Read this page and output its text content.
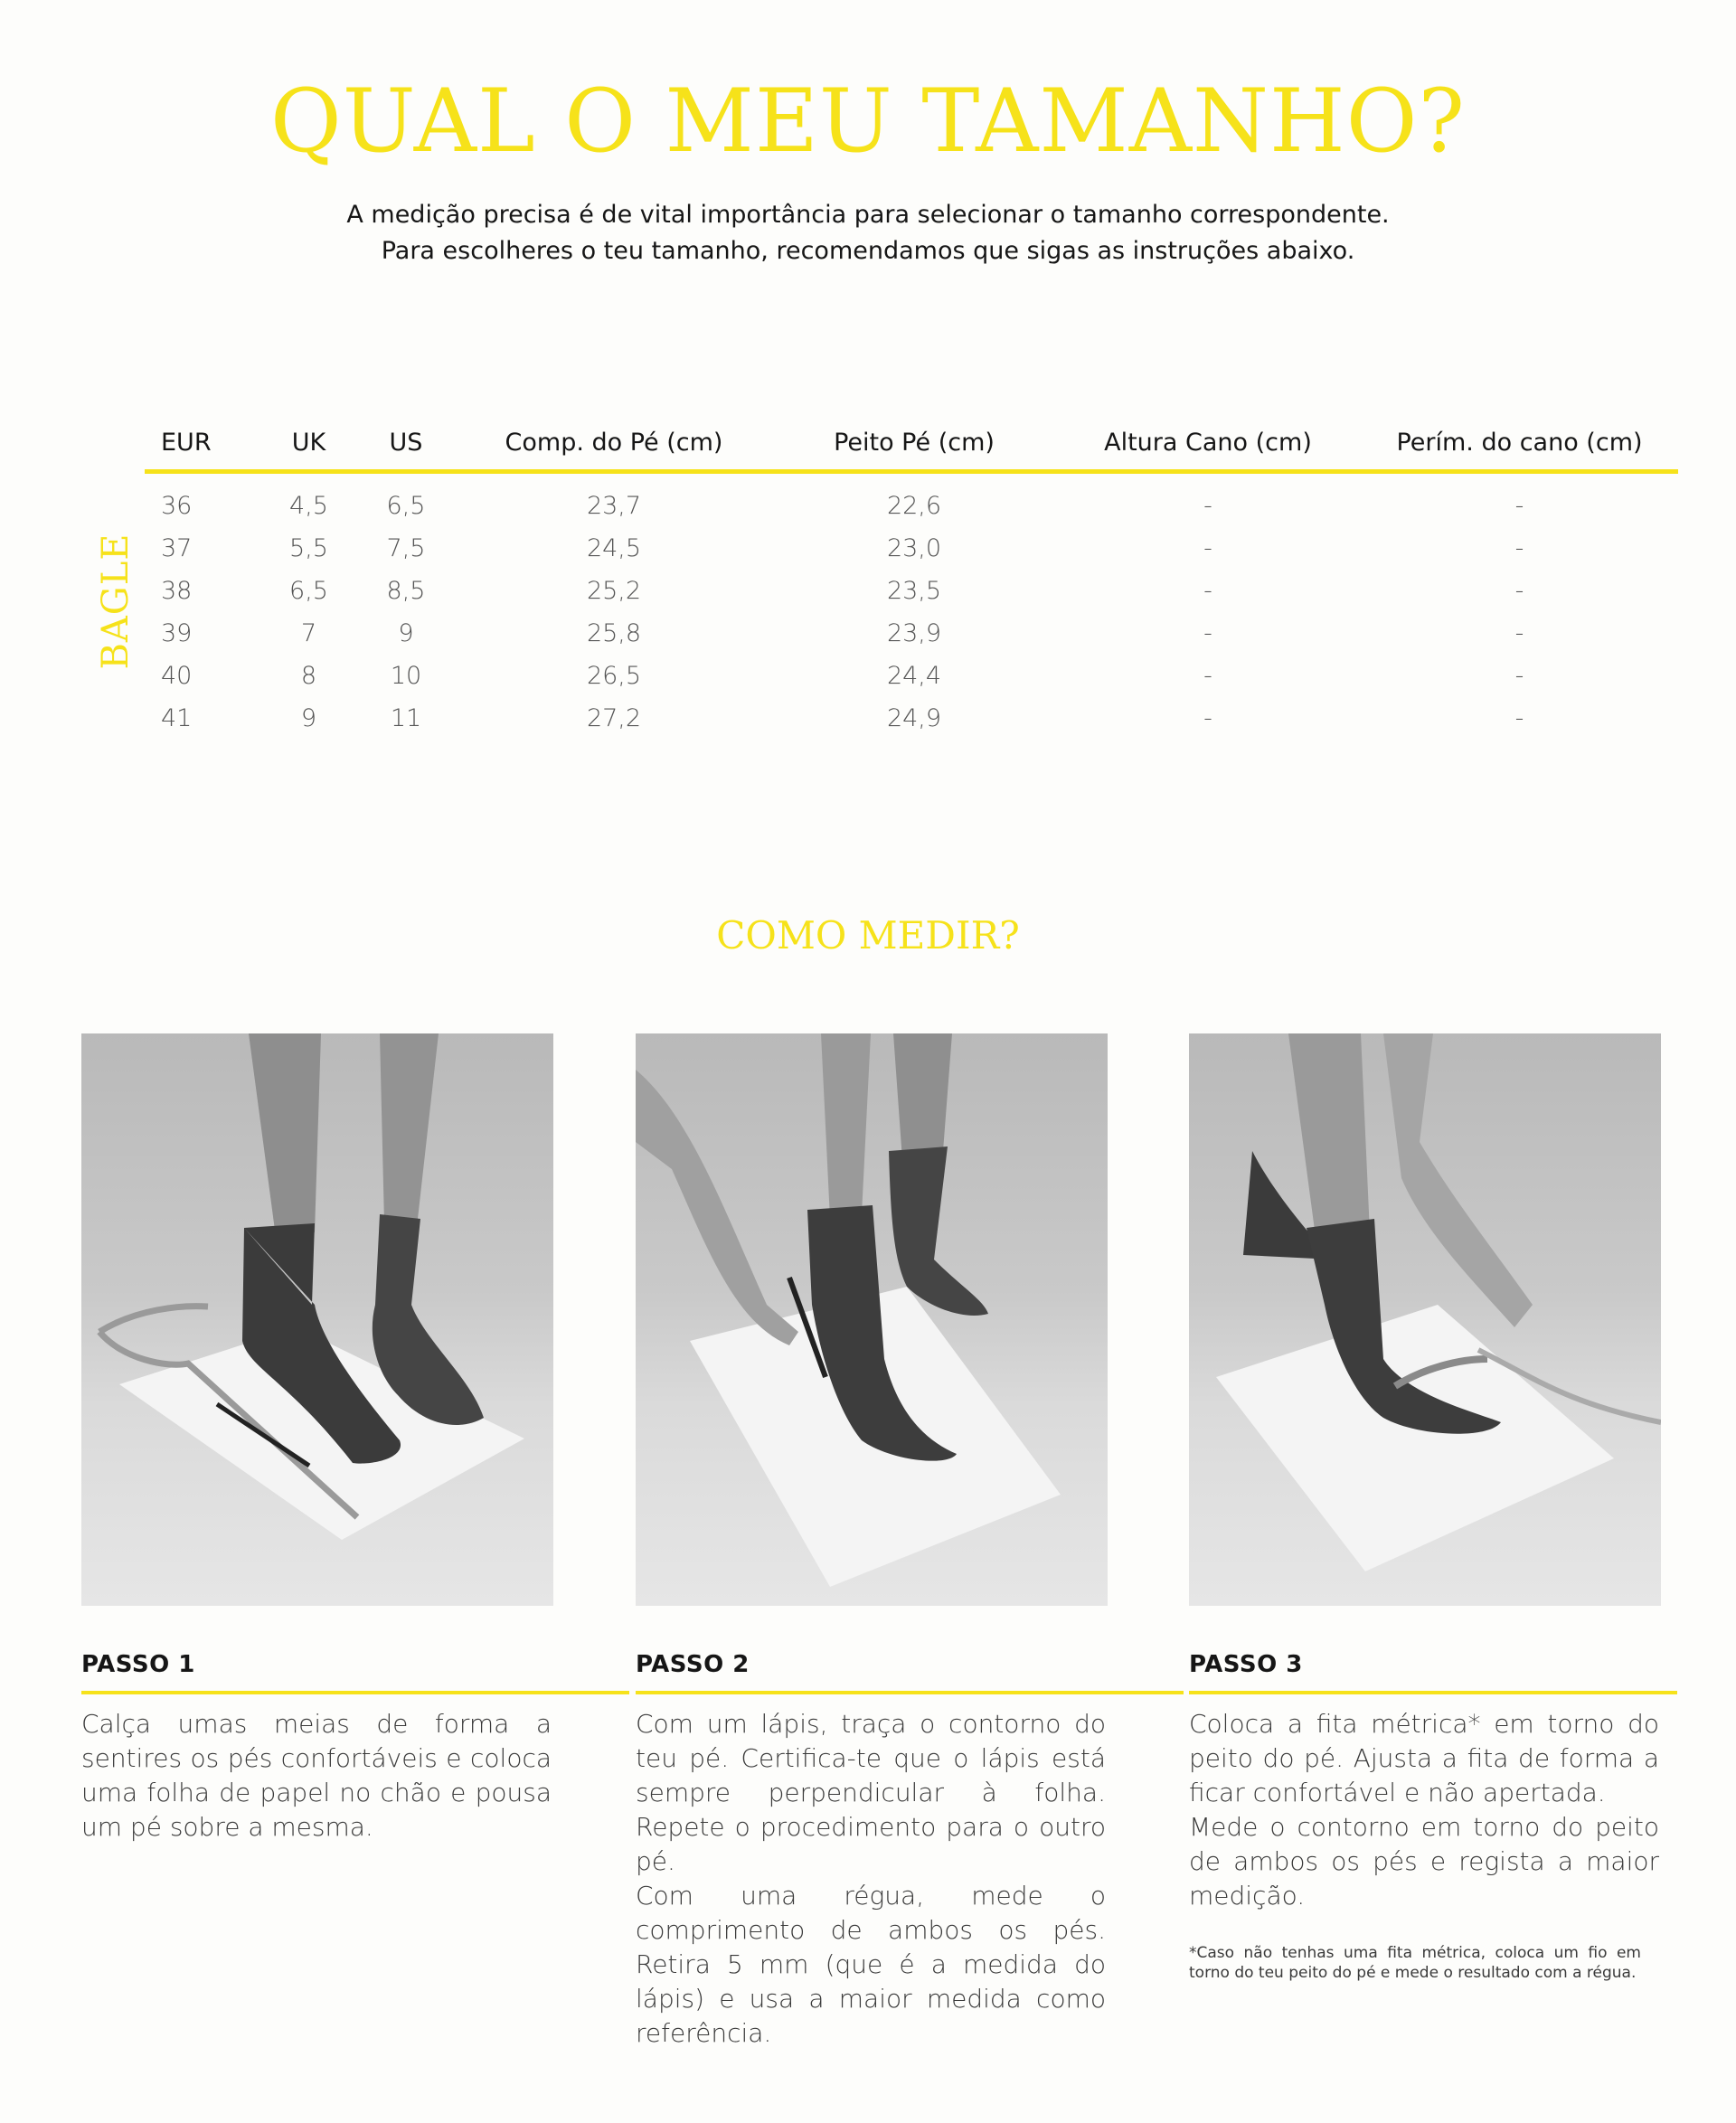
QUAL O MEU TAMANHO?
A medição precisa é de vital importância para selecionar o tamanho correspondente.
Para escolheres o teu tamanho, recomendamos que sigas as instruções abaixo.
BAGLE
EUR	UK	US	Comp. do Pé (cm)	Peito Pé (cm)	Altura Cano (cm)	Perím. do cano (cm)
36	4,5	6,5	23,7	22,6	-	-
37	5,5	7,5	24,5	23,0	-	-
38	6,5	8,5	25,2	23,5	-	-
39	7	9	25,8	23,9	-	-
40	8	10	26,5	24,4	-	-
41	9	11	27,2	24,9	-	-
COMO MEDIR?
PASSO 1

Calça umas meias de forma a sentires os pés confortáveis e coloca uma folha de papel no chão e pousa um pé sobre a mesma.

PASSO 2

Com um lápis, traça o contorno do teu pé. Certifica-te que o lápis está sempre perpendicular à folha. Repete o procedimento para o outro pé.

Com uma régua, mede o comprimento de ambos os pés. Retira 5 mm (que é a medida do lápis) e usa a maior medida como referência.

PASSO 3

Coloca a fita métrica* em torno do peito do pé. Ajusta a fita de forma a ficar confortável e não apertada.

Mede o contorno em torno do peito de ambos os pés e regista a maior medição.

*Caso não tenhas uma fita métrica, coloca um fio em torno do teu peito do pé e mede o resultado com a régua.
